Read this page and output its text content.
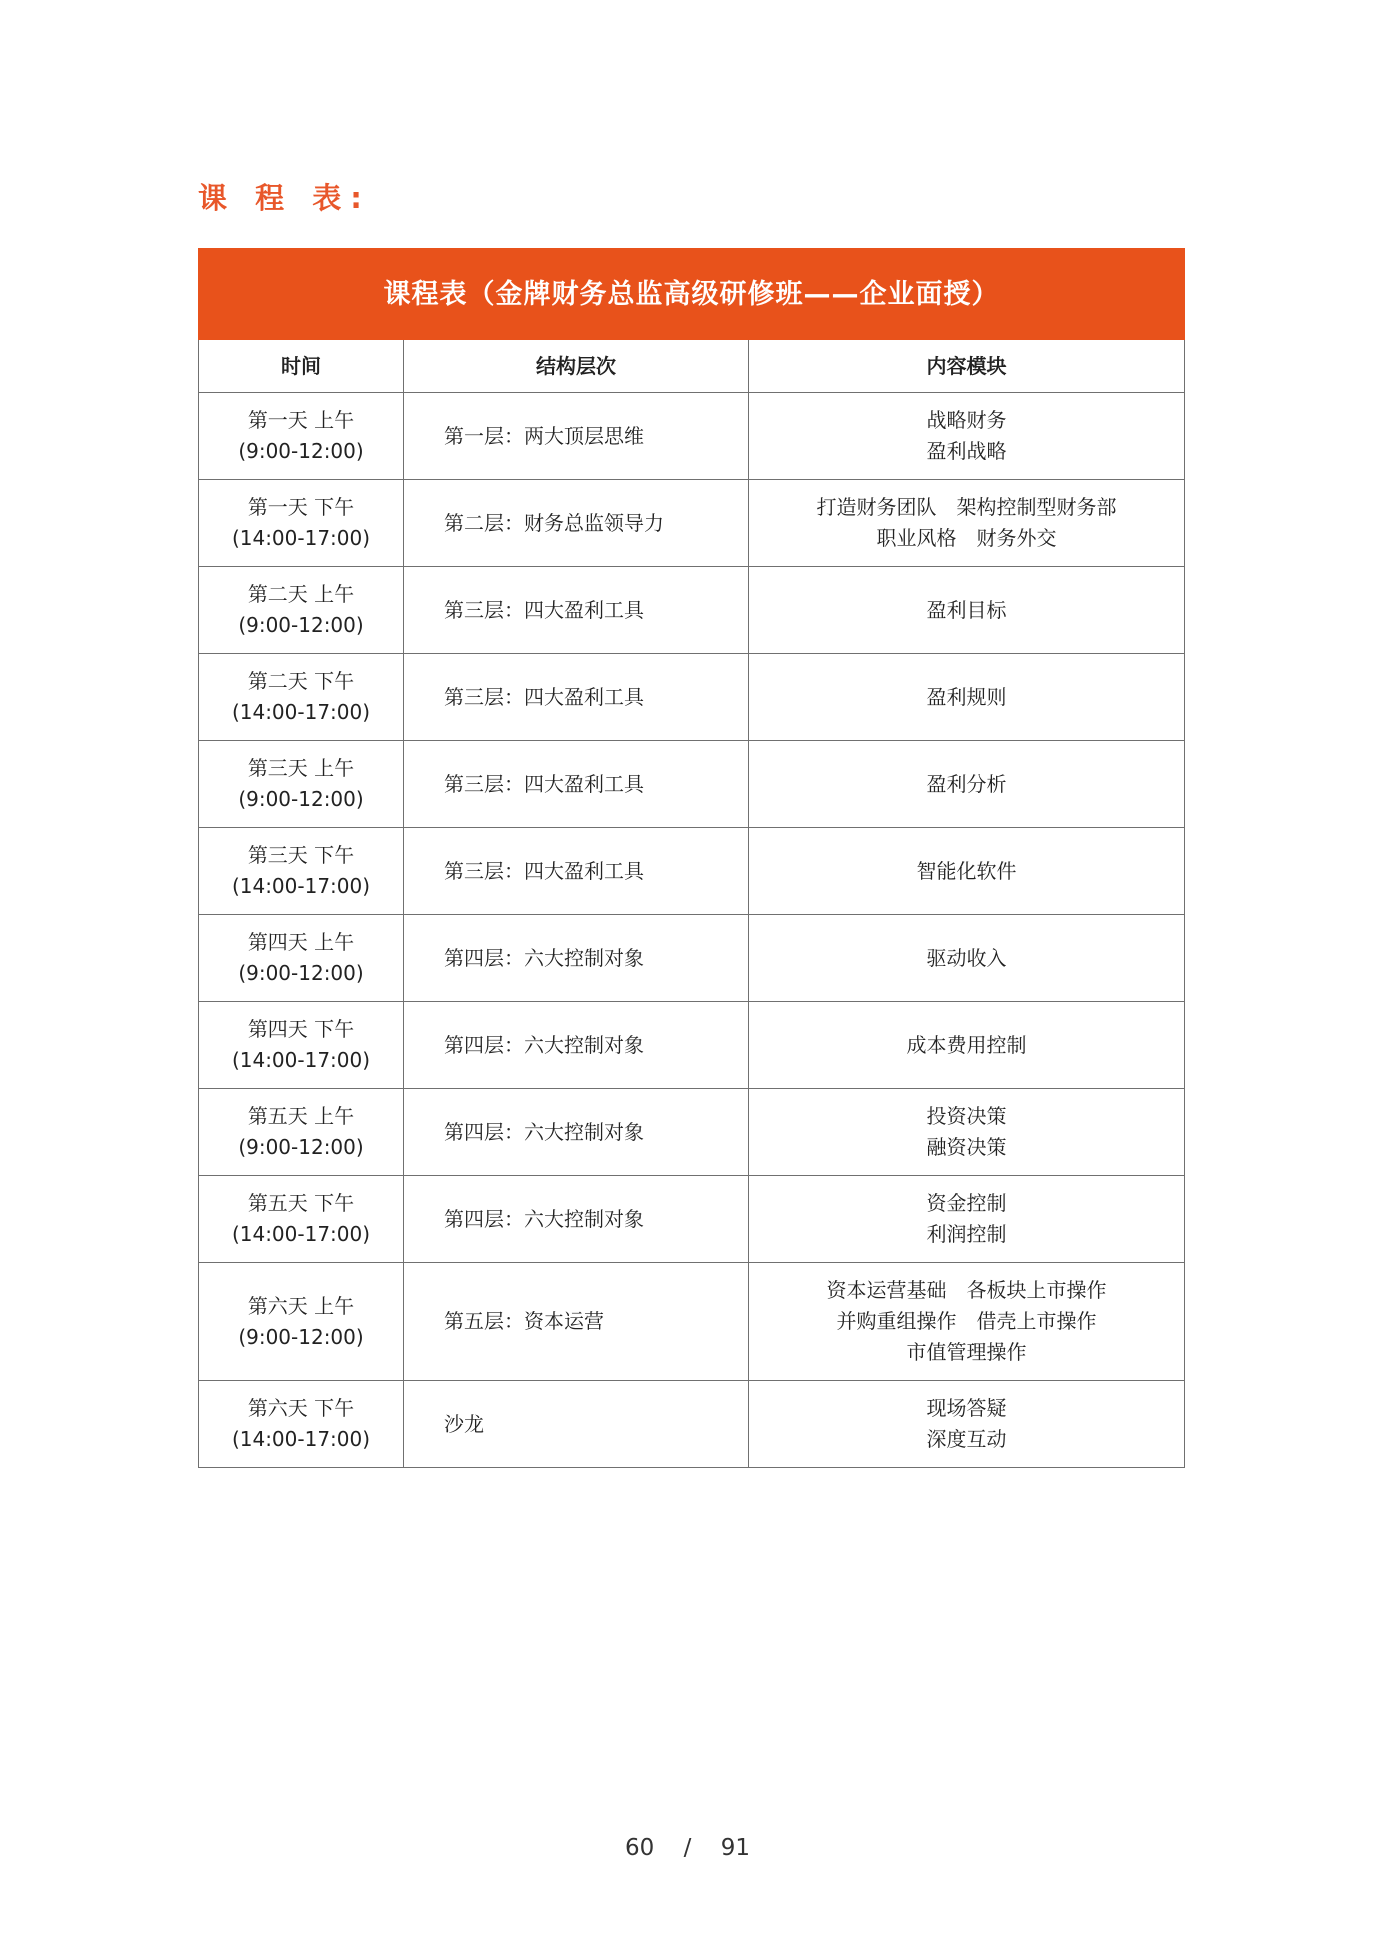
课 程 表:
课程表（金牌财务总监高级研修班——企业面授）		
时间	结构层次	内容模块

第一天 上午
(9:00-12:00)	第一层：两大顶层思维	战略财务
盈利战略

第一天 下午
(14:00-17:00)	第二层：财务总监领导力	打造财务团队　架构控制型财务部
职业风格　财务外交

第二天 上午
(9:00-12:00)	第三层：四大盈利工具	盈利目标

第二天 下午
(14:00-17:00)	第三层：四大盈利工具	盈利规则

第三天 上午
(9:00-12:00)	第三层：四大盈利工具	盈利分析

第三天 下午
(14:00-17:00)	第三层：四大盈利工具	智能化软件

第四天 上午
(9:00-12:00)	第四层：六大控制对象	驱动收入

第四天 下午
(14:00-17:00)	第四层：六大控制对象	成本费用控制

第五天 上午
(9:00-12:00)	第四层：六大控制对象	投资决策
融资决策

第五天 下午
(14:00-17:00)	第四层：六大控制对象	资金控制
利润控制

第六天 上午
(9:00-12:00)	第五层：资本运营	资本运营基础　各板块上市操作
并购重组操作　借壳上市操作
市值管理操作

第六天 下午
(14:00-17:00)	沙龙	现场答疑
深度互动
60 / 91
